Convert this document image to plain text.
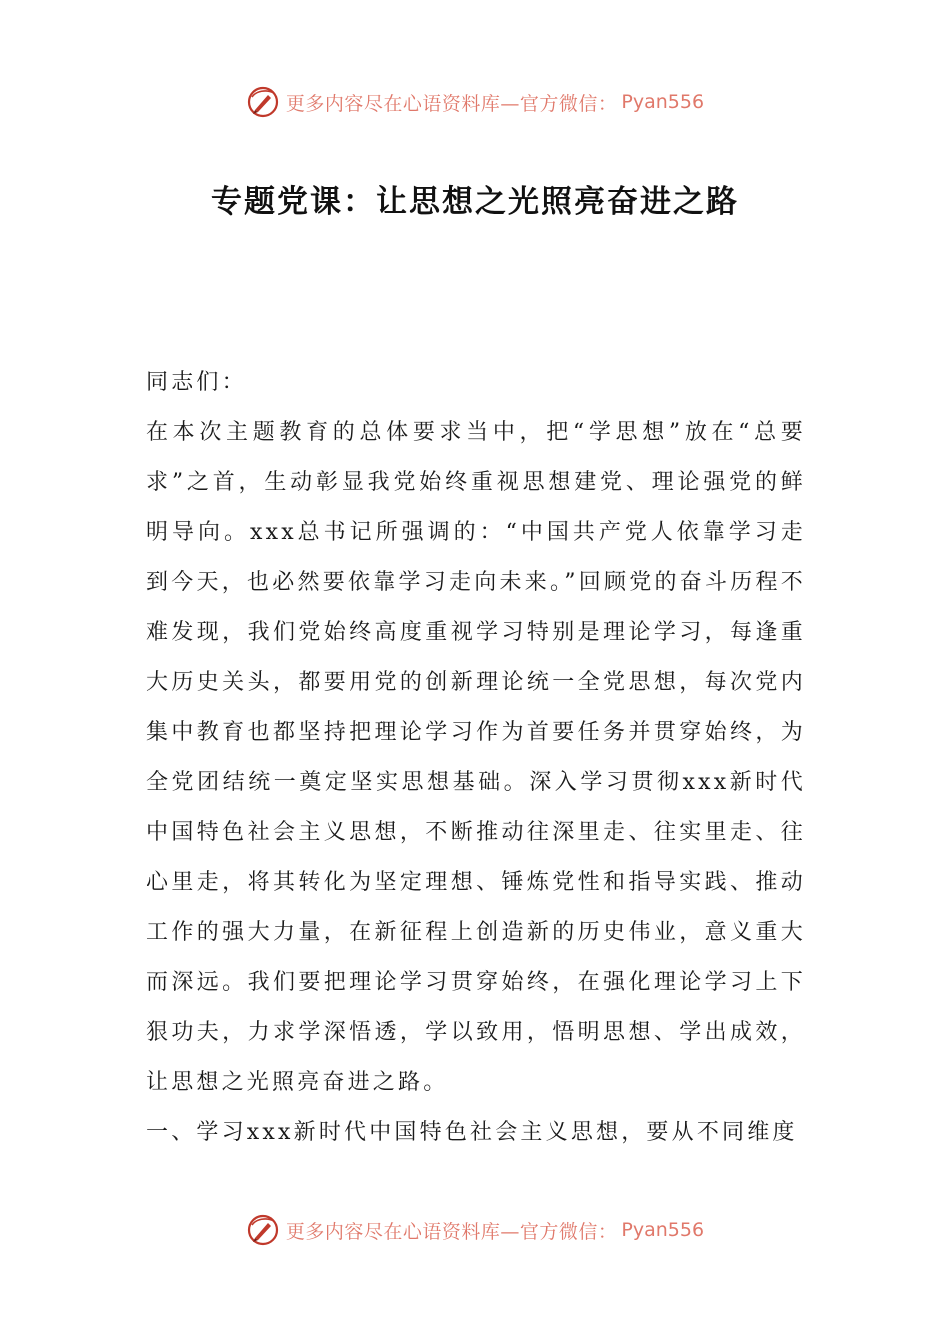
更多内容尽在心语资料库—官方微信： Pyan556
专题党课：让思想之光照亮奋进之路

同志们：

在本次主题教育的总体要求当中，把“学思想”放在“总要求”之首，生动彰显我党始终重视思想建党、理论强党的鲜明导向。xxx总书记所强调的：“中国共产党人依靠学习走到今天，也必然要依靠学习走向未来。”回顾党的奋斗历程不难发现，我们党始终高度重视学习特别是理论学习，每逢重大历史关头，都要用党的创新理论统一全党思想，每次党内集中教育也都坚持把理论学习作为首要任务并贯穿始终，为全党团结统一奠定坚实思想基础。深入学习贯彻xxx新时代中国特色社会主义思想，不断推动往深里走、往实里走、往心里走，将其转化为坚定理想、锤炼党性和指导实践、推动工作的强大力量，在新征程上创造新的历史伟业，意义重大而深远。我们要把理论学习贯穿始终，在强化理论学习上下狠功夫，力求学深悟透，学以致用，悟明思想、学出成效，让思想之光照亮奋进之路。

一、学习xxx新时代中国特色社会主义思想，要从不同维度

更多内容尽在心语资料库—官方微信： Pyan556
